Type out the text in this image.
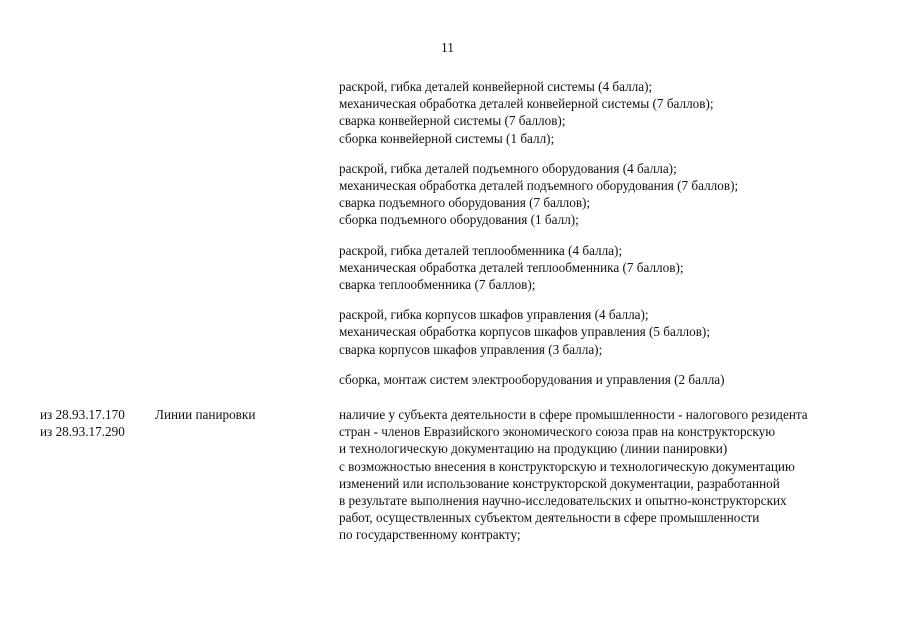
11
раскрой, гибка деталей конвейерной системы (4 балла);
механическая обработка деталей конвейерной системы (7 баллов);
сварка конвейерной системы (7 баллов);
сборка конвейерной системы (1 балл);
раскрой, гибка деталей подъемного оборудования (4 балла);
механическая обработка деталей подъемного оборудования (7 баллов);
сварка подъемного оборудования (7 баллов);
сборка подъемного оборудования (1 балл);
раскрой, гибка деталей теплообменника (4 балла);
механическая обработка деталей теплообменника (7 баллов);
сварка теплообменника (7 баллов);
раскрой, гибка корпусов шкафов управления (4 балла);
механическая обработка корпусов шкафов управления (5 баллов);
сварка корпусов шкафов управления (3 балла);
сборка, монтаж систем электрооборудования и управления (2 балла)
из 28.93.17.170
из 28.93.17.290
Линии панировки	наличие у субъекта деятельности в сфере промышленности - налогового резидента
стран - членов Евразийского экономического союза прав на конструкторскую
и технологическую документацию на продукцию (линии панировки)
с возможностью внесения в конструкторскую и технологическую документацию
изменений или использование конструкторской документации, разработанной
в результате выполнения научно-исследовательских и опытно-конструкторских
работ, осуществленных субъектом деятельности в сфере промышленности
по государственному контракту;
